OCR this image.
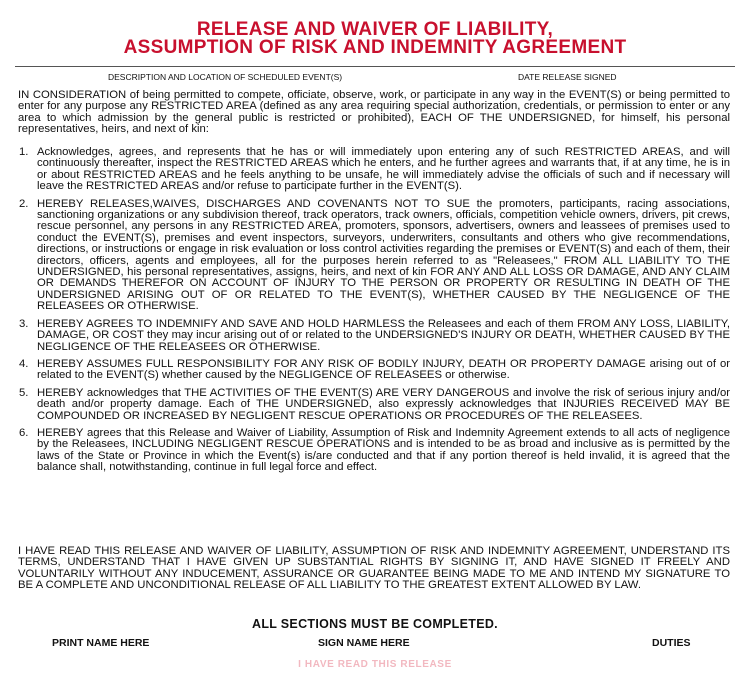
RELEASE AND WAIVER OF LIABILITY,
ASSUMPTION OF RISK AND INDEMNITY AGREEMENT
DESCRIPTION AND LOCATION OF SCHEDULED EVENT(S)	DATE RELEASE SIGNED
IN CONSIDERATION of being permitted to compete, officiate, observe, work, or participate in any way in the EVENT(S) or being permitted to enter for any purpose any RESTRICTED AREA (defined as any area requiring special authorization, credentials, or permission to enter or any area to which admission by the general public is restricted or prohibited), EACH OF THE UNDERSIGNED, for himself, his personal representatives, heirs, and next of kin:
1. Acknowledges, agrees, and represents that he has or will immediately upon entering any of such RESTRICTED AREAS, and will continuously thereafter, inspect the RESTRICTED AREAS which he enters, and he further agrees and warrants that, if at any time, he is in or about RESTRICTED AREAS and he feels anything to be unsafe, he will immediately advise the officials of such and if necessary will leave the RESTRICTED AREAS and/or refuse to participate further in the EVENT(S).
2. HEREBY RELEASES,WAIVES, DISCHARGES AND COVENANTS NOT TO SUE the promoters, participants, racing associations, sanctioning organizations or any subdivision thereof, track operators, track owners, officials, competition vehicle owners, drivers, pit crews, rescue personnel, any persons in any RESTRICTED AREA, promoters, sponsors, advertisers, owners and leassees of premises used to conduct the EVENT(S), premises and event inspectors, surveyors, underwriters, consultants and others who give recommendations, directions, or instructions or engage in risk evaluation or loss control activities regarding the premises or EVENT(S) and each of them, their directors, officers, agents and employees, all for the purposes herein referred to as "Releasees," FROM ALL LIABILITY TO THE UNDERSIGNED, his personal representatives, assigns, heirs, and next of kin FOR ANY AND ALL LOSS OR DAMAGE, AND ANY CLAIM OR DEMANDS THEREFOR ON ACCOUNT OF INJURY TO THE PERSON OR PROPERTY OR RESULTING IN DEATH OF THE UNDERSIGNED ARISING OUT OF OR RELATED TO THE EVENT(S), WHETHER CAUSED BY THE NEGLIGENCE OF THE RELEASEES OR OTHERWISE.
3. HEREBY AGREES TO INDEMNIFY AND SAVE AND HOLD HARMLESS the Releasees and each of them FROM ANY LOSS, LIABILITY, DAMAGE, OR COST they may incur arising out of or related to the UNDERSIGNED'S INJURY OR DEATH, WHETHER CAUSED BY THE NEGLIGENCE OF THE RELEASEES OR OTHERWISE.
4. HEREBY ASSUMES FULL RESPONSIBILITY FOR ANY RISK OF BODILY INJURY, DEATH OR PROPERTY DAMAGE arising out of or related to the EVENT(S) whether caused by the NEGLIGENCE OF RELEASEES or otherwise.
5. HEREBY acknowledges that THE ACTIVITIES OF THE EVENT(S) ARE VERY DANGEROUS and involve the risk of serious injury and/or death and/or property damage. Each of THE UNDERSIGNED, also expressly acknowledges that INJURIES RECEIVED MAY BE COMPOUNDED OR INCREASED BY NEGLIGENT RESCUE OPERATIONS OR PROCEDURES OF THE RELEASEES.
6. HEREBY agrees that this Release and Waiver of Liability, Assumption of Risk and Indemnity Agreement extends to all acts of negligence by the Releasees, INCLUDING NEGLIGENT RESCUE OPERATIONS and is intended to be as broad and inclusive as is permitted by the laws of the State or Province in which the Event(s) is/are conducted and that if any portion thereof is held invalid, it is agreed that the balance shall, notwithstanding, continue in full legal force and effect.
I HAVE READ THIS RELEASE AND WAIVER OF LIABILITY, ASSUMPTION OF RISK AND INDEMNITY AGREEMENT, UNDERSTAND ITS TERMS, UNDERSTAND THAT I HAVE GIVEN UP SUBSTANTIAL RIGHTS BY SIGNING IT, AND HAVE SIGNED IT FREELY AND VOLUNTARILY WITHOUT ANY INDUCEMENT, ASSURANCE OR GUARANTEE BEING MADE TO ME AND INTEND MY SIGNATURE TO BE A COMPLETE AND UNCONDITIONAL RELEASE OF ALL LIABILITY TO THE GREATEST EXTENT ALLOWED BY LAW.
ALL SECTIONS MUST BE COMPLETED.
PRINT NAME HERE	SIGN NAME HERE	DUTIES
I HAVE READ THIS RELEASE
